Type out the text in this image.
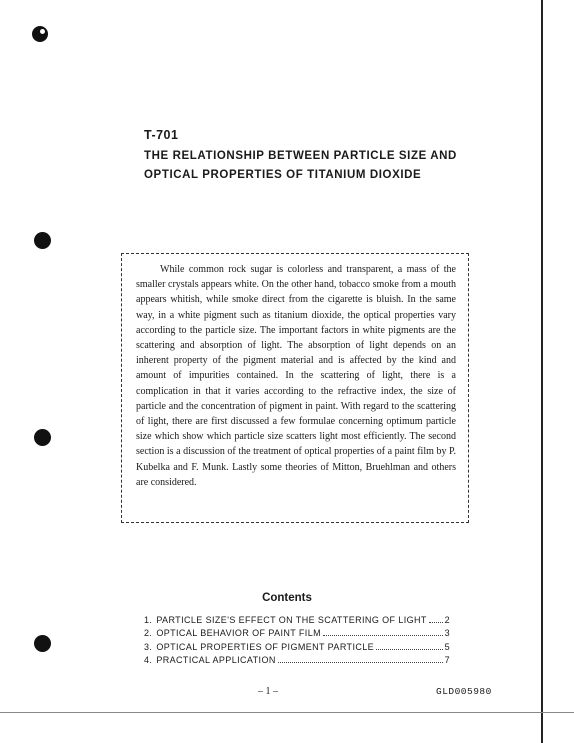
T-701
THE RELATIONSHIP BETWEEN PARTICLE SIZE AND OPTICAL PROPERTIES OF TITANIUM DIOXIDE

While common rock sugar is colorless and transparent, a mass of the smaller crystals appears white. On the other hand, tobacco smoke from a mouth appears whitish, while smoke direct from the cigarette is bluish. In the same way, in a white pigment such as titanium dioxide, the optical properties vary according to the particle size. The important factors in white pigments are the scattering and absorption of light. The absorption of light depends on an inherent property of the pigment material and is affected by the kind and amount of impurities contained. In the scattering of light, there is a complication in that it varies according to the refractive index, the size of particle and the concentration of pigment in paint. With regard to the scattering of light, there are first discussed a few formulae concerning optimum particle size which show which particle size scatters light most efficiently. The second section is a discussion of the treatment of optical properties of a paint film by P. Kubelka and F. Munk. Lastly some theories of Mitton, Bruehlman and others are considered.

Contents
1. PARTICLE SIZE'S EFFECT ON THE SCATTERING OF LIGHT 2
2. OPTICAL BEHAVIOR OF PAINT FILM	3
3. OPTICAL PROPERTIES OF PIGMENT PARTICLE	5
4. PRACTICAL APPLICATION	7
– 1 –	GLD005980
